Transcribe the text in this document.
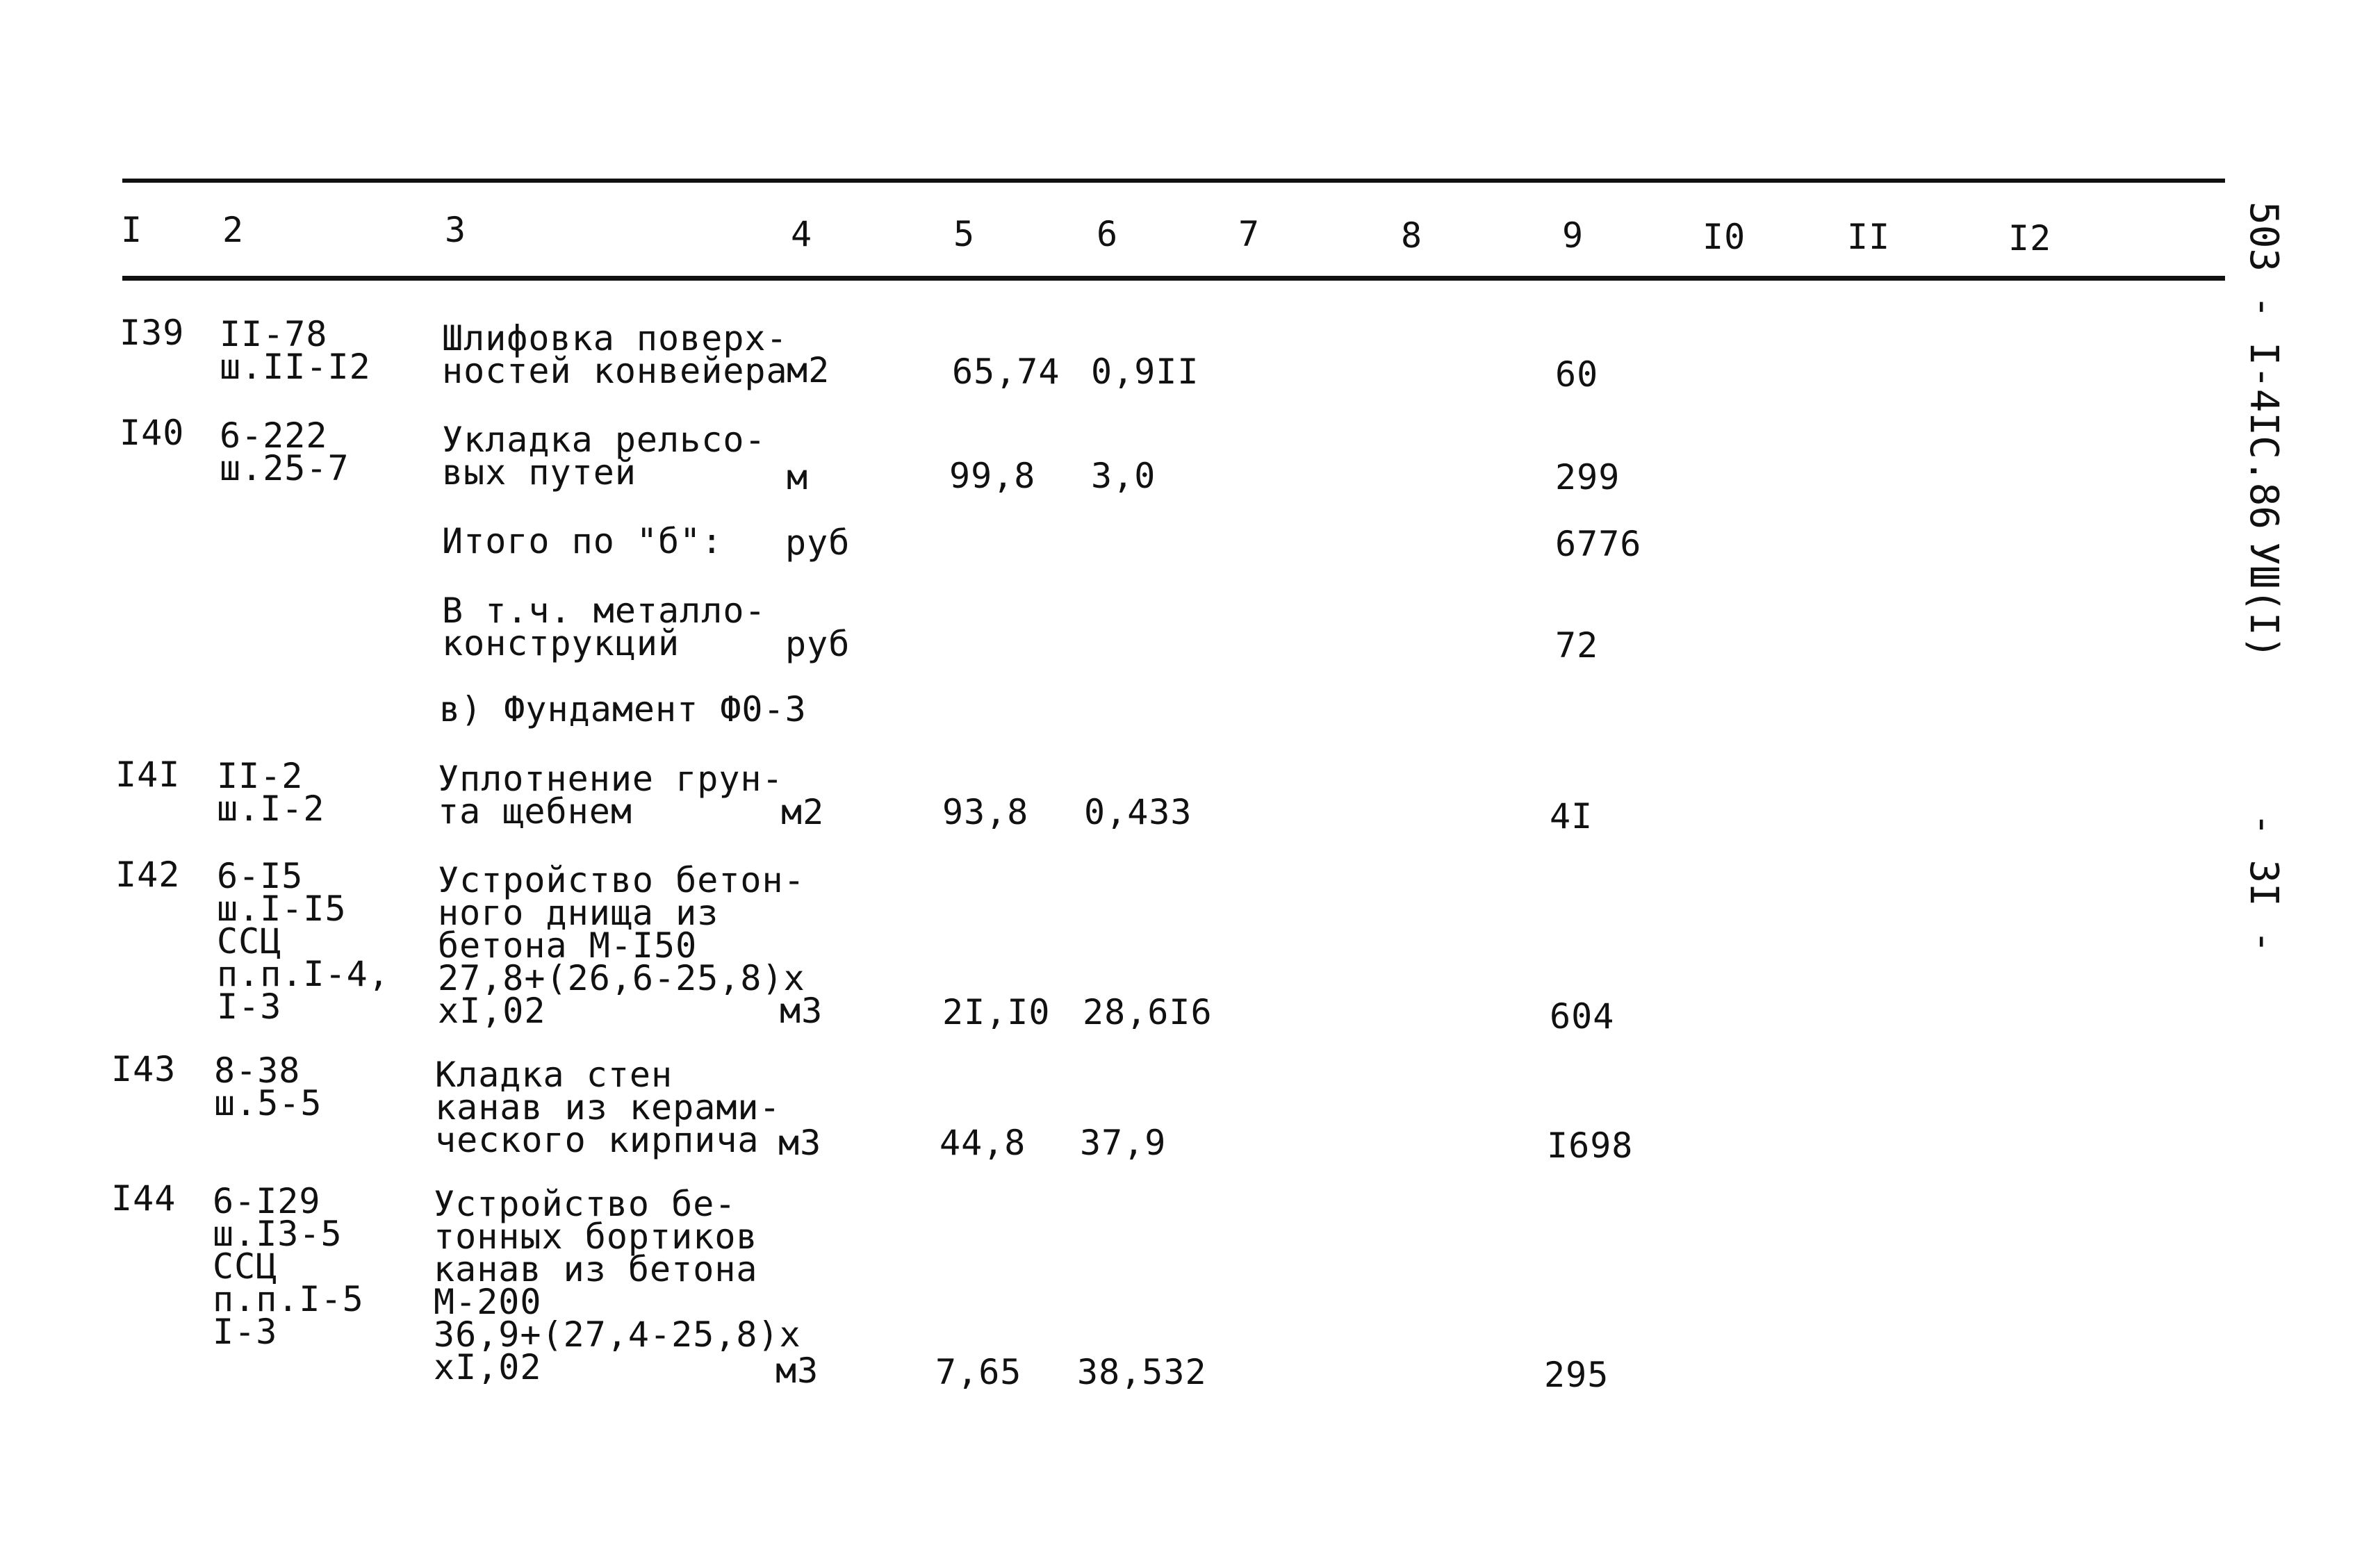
I 2	3	4	5	6	7	8	9	I0	II	I2
I39 II-78
ш.II-I2
Шлифовка поверх-
ностей конвейера
м2	65,74 0,9II	60
I40 6-222
ш.25-7
Укладка рельсо-
вых путей	м	99,8 3,0	299
Итого по "б": руб	6776
В т.ч. металло-
конструкций	руб	72
в) Фундамент Ф0-3
I4I II-2
ш.I-2
Уплотнение грун-
та щебнем	м2	93,8 0,433	4I
I42 6-I5
ш.I-I5
ССЦ
п.п.I-4,
I-3
Устройство бетон-
ного днища из
бетона М-I50
27,8+(26,6-25,8)х
хI,02	м3	2I,I0 28,6I6	604
I43 8-38
ш.5-5
Кладка стен
канав из керами-
ческого кирпича м3	44,8 37,9	I698
I44 6-I29
ш.I3-5
ССЦ
п.п.I-5
I-3
Устройство бе-
тонных бортиков
канав из бетона
М-200
36,9+(27,4-25,8)х
хI,02	м3	7,65 38,532	295
503 - I-4IC.86
УШ(I)
- 3I -
